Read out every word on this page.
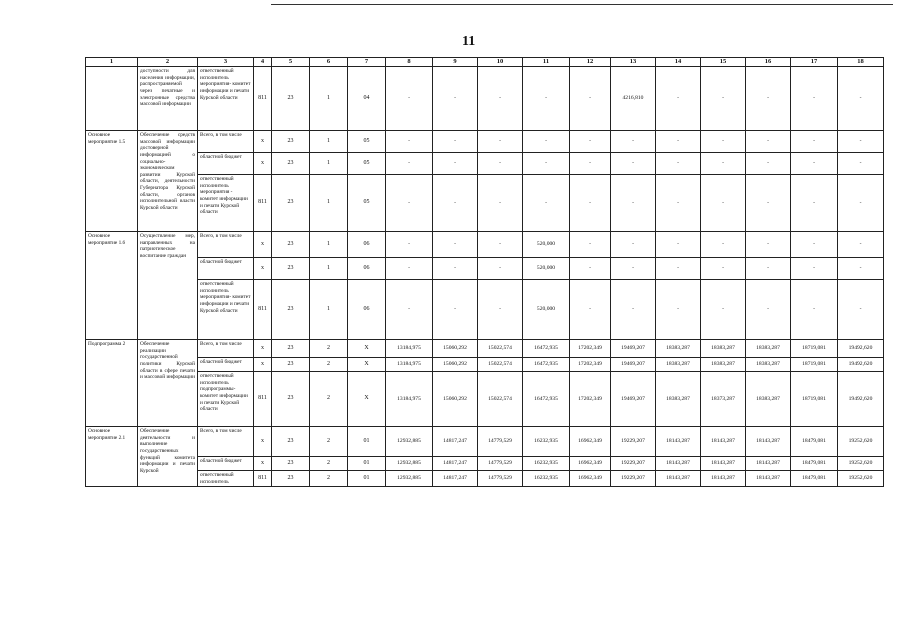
11
1	2	3	4	5	6	7	8	9	10	11	12	13	14	15	16	17	18
	доступности для населения информации, распространяемой через печатные и электронные средства массовой информации	ответственный исполнитель мероприятия- комитет информации и печати Курской области	811	23	1	04	-	-	-	-	-	4216,810	-	-	-	-	-
Основное мероприятие 1.5	Обеспечение средств массовой информации достоверной информацией о социально-экономическом развитии Курской области, деятельности Губернатора Курской области, органов исполнительной власти Курской области	Всего, в том числе	x	23	1	05	-	-	-	-	-	-	-	-	-	-	-
		областной бюджет	x	23	1	05	-	-	-	-	-	-	-	-	-	-	-
		ответственный исполнитель мероприятия - комитет информации и печати Курской области	811	23	1	05	-	-	-	-	-	-	-	-	-	-	-
Основное мероприятие 1.6	Осуществление мер, направленных на патриотическое воспитание граждан	Всего, в том числе	x	23	1	06	-	-	-	520,000	-	-	-	-	-	-	-
		областной бюджет	x	23	1	06	-	-	-	520,000	-	-	-	-	-	-	-
		ответственный исполнитель мероприятия- комитет информации и печати Курской области	811	23	1	06	-	-	-	520,000	-	-	-	-	-	-	-
Подпрограмма 2	Обеспечение реализации государственной политики Курской области в сфере печати и массовой информации	Всего, в том числе	x	23	2	X	13184,975	15060,292	15022,574	16472,935	17202,349	19469,207	18383,287	18383,287	18383,287	18719,081	19492,620
		областной бюджет	x	23	2	X	13184,975	15060,292	15022,574	16472,935	17202,349	19469,207	18383,287	18383,287	18383,287	18719,081	19492,620
		ответственный исполнитель подпрограммы- комитет информации и печати Курской области	811	23	2	X	13184,975	15060,292	15022,574	16472,935	17202,349	19469,207	18383,287	18373,287	18383,287	18719,081	19492,620
Основное мероприятие 2.1	Обеспечение деятельности и выполнение государственных функций комитета информации и печати Курской	Всего, в том числе	x	23	2	01	12932,885	14817,247	14779,529	16232,935	16962,349	19229,207	18143,287	18143,287	18143,287	18479,081	19252,620
		областной бюджет	x	23	2	01	12932,885	14817,247	14779,529	16232,935	16962,349	19229,207	18143,287	18143,287	18143,287	18479,081	19252,620
		ответственный исполнитель	811	23	2	01	12932,885	14817,247	14779,529	16232,935	16962,349	19229,207	18143,287	18143,287	18143,287	18479,081	19252,620
